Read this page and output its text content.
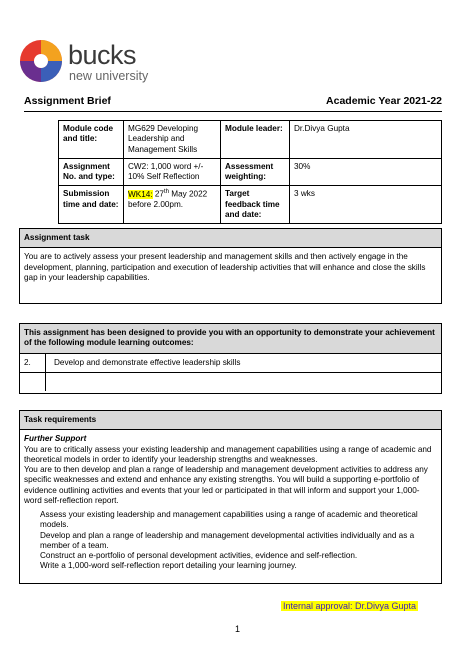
bucks
new university
Assignment Brief	Academic Year 2021-22
Module code and title:	MG629 Developing Leadership and Management Skills	Module leader:	Dr.Divya Gupta
Assignment No. and type:	CW2: 1,000 word +/- 10% Self Reflection	Assessment weighting:	30%
Submission time and date:	WK14: 27th May 2022 before 2.00pm.	Target feedback time and date:	3 wks
Assignment task
You are to actively assess your present leadership and management skills and then actively engage in the development, planning, participation and execution of leadership activities that will enhance and close the skills gap in your leadership capabilities.
This assignment has been designed to provide you with an opportunity to demonstrate your achievement of the following module learning outcomes:
2.	Develop and demonstrate effective leadership skills
Task requirements
Further Support
You are to critically assess your existing leadership and management capabilities using a range of academic and theoretical models in order to identify your leadership strengths and weaknesses.
You are to then develop and plan a range of leadership and management development activities to address any specific weaknesses and extend and enhance any existing strengths. You will build a supporting e-portfolio of evidence outlining activities and events that your led or participated in that will inform and support your 1,000-word self-reflection report.
Assess your existing leadership and management capabilities using a range of academic and theoretical models.
Develop and plan a range of leadership and management developmental activities individually and as a member of a team.
Construct an e-portfolio of personal development activities, evidence and self-reflection.
Write a 1,000-word self-reflection report detailing your learning journey.
Internal approval: Dr.Divya Gupta
1
